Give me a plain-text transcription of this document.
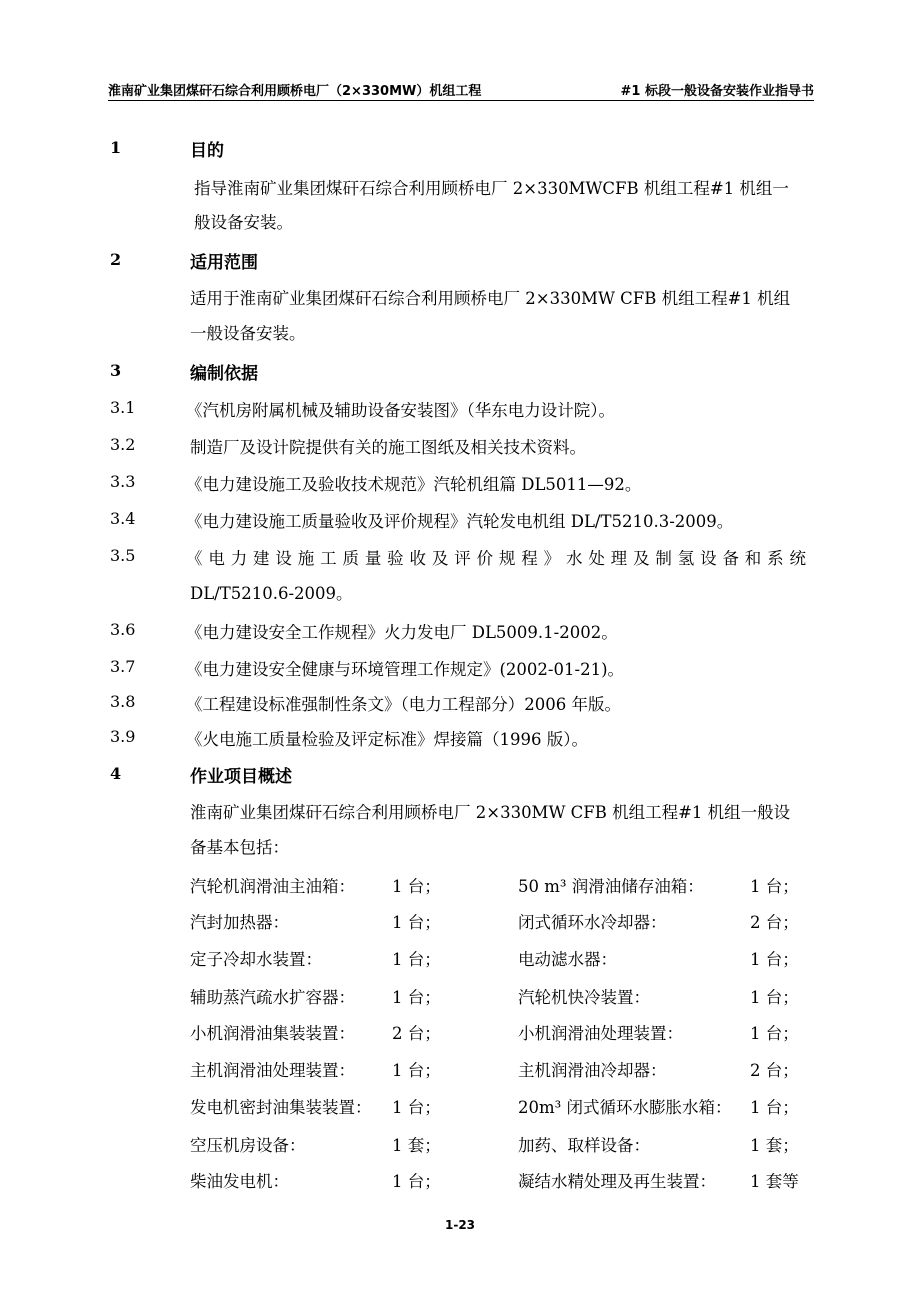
淮南矿业集团煤矸石综合利用顾桥电厂（2×330MW）机组工程	#1 标段一般设备安装作业指导书
1	目的
指导淮南矿业集团煤矸石综合利用顾桥电厂 2×330MWCFB 机组工程#1 机组一
般设备安装。
2	适用范围
适用于淮南矿业集团煤矸石综合利用顾桥电厂 2×330MW CFB 机组工程#1 机组
一般设备安装。
3	编制依据
3.1	《汽机房附属机械及辅助设备安装图》（华东电力设计院）。
3.2	制造厂及设计院提供有关的施工图纸及相关技术资料。
3.3	《电力建设施工及验收技术规范》汽轮机组篇 DL5011—92。
3.4	《电力建设施工质量验收及评价规程》汽轮发电机组 DL/T5210.3-2009。
3.5	《电力建设施工质量验收及评价规程》水处理及制氢设备和系统
DL/T5210.6-2009。
3.6	《电力建设安全工作规程》火力发电厂 DL5009.1-2002。
3.7	《电力建设安全健康与环境管理工作规定》(2002-01-21)。
3.8	《工程建设标准强制性条文》（电力工程部分）2006 年版。
3.9	《火电施工质量检验及评定标准》焊接篇（1996 版）。
4	作业项目概述
淮南矿业集团煤矸石综合利用顾桥电厂 2×330MW CFB 机组工程#1 机组一般设
备基本包括：
汽轮机润滑油主油箱： 1 台；	50 m³ 润滑油储存油箱：	1 台；
汽封加热器：	1 台；	闭式循环水冷却器：	2 台；
定子冷却水装置：	1 台；	电动滤水器：	1 台；
辅助蒸汽疏水扩容器： 1 台；	汽轮机快冷装置：	1 台；
小机润滑油集装装置： 2 台；	小机润滑油处理装置：	1 台；
主机润滑油处理装置： 1 台；	主机润滑油冷却器：	2 台；
发电机密封油集装装置： 1 台；	20m³ 闭式循环水膨胀水箱： 1 台；
空压机房设备：	1 套；	加药、取样设备：	1 套；
柴油发电机：	1 台；	凝结水精处理及再生装置： 1 套等
1-23
